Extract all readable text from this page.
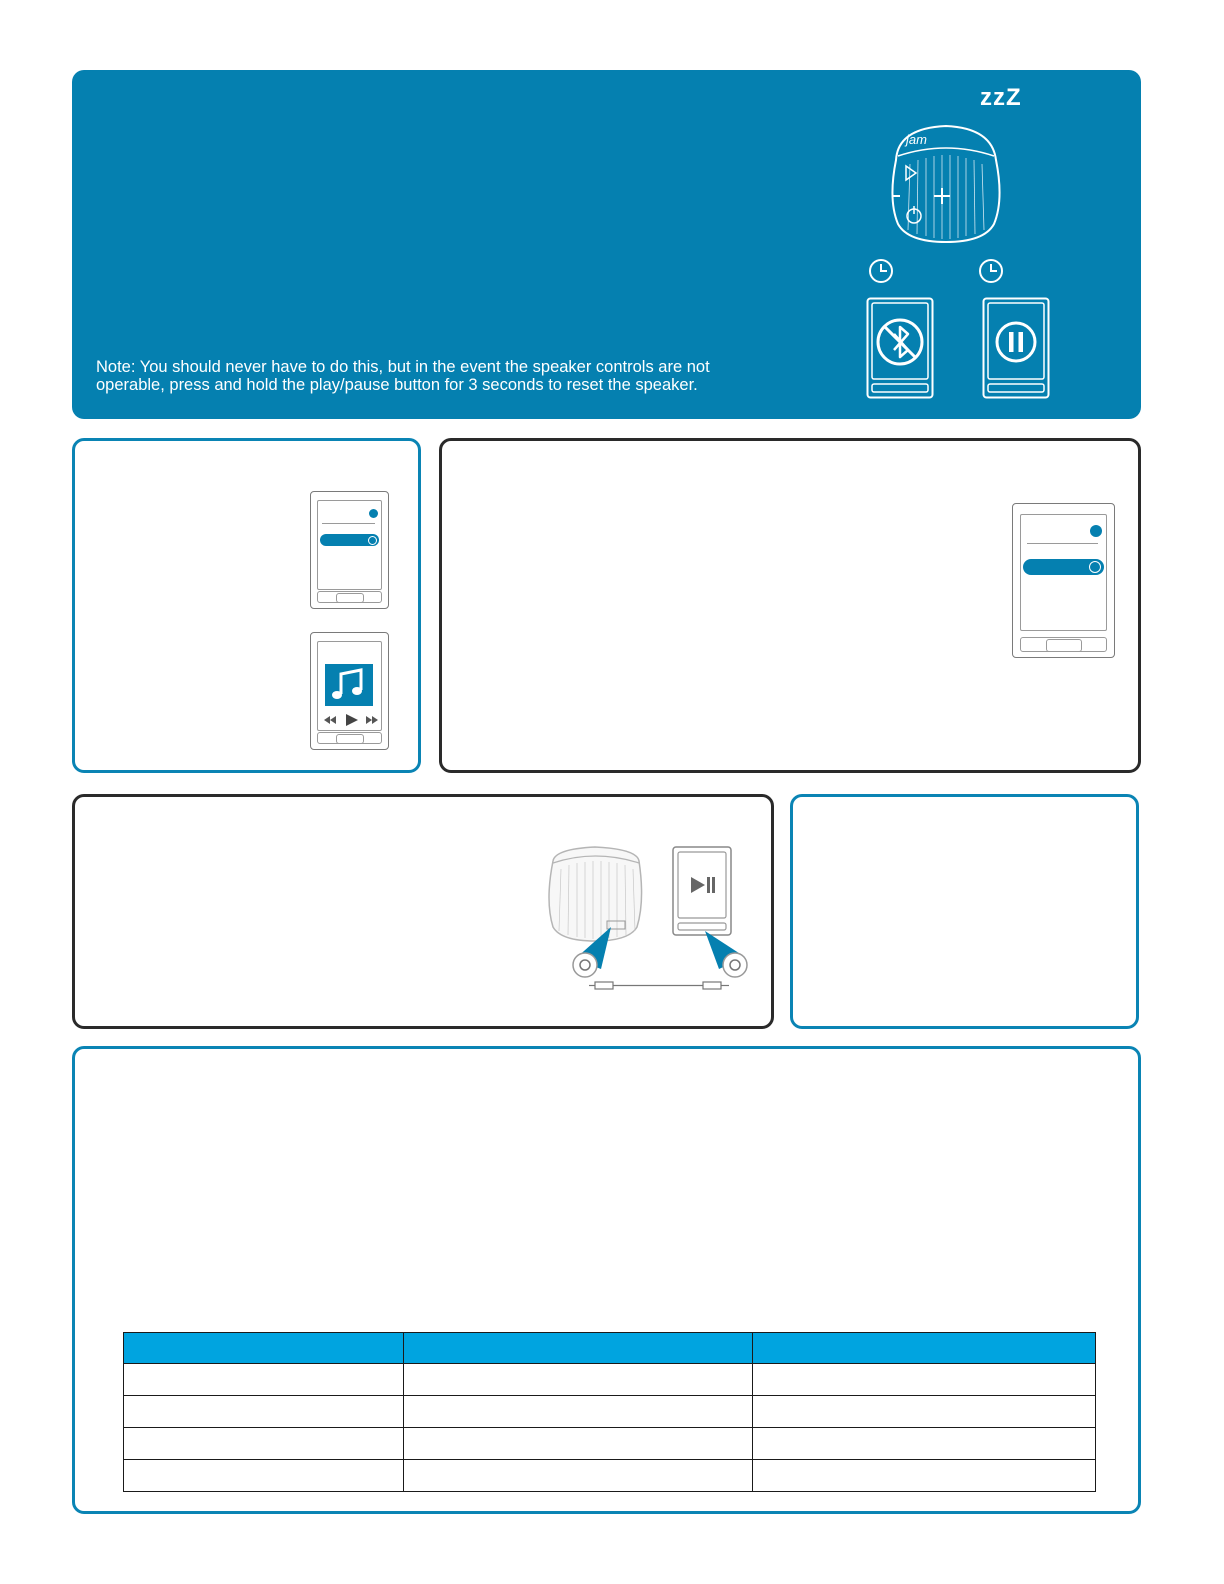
Note: You should never have to do this, but in the event the speaker controls are not
operable, press and hold the play/pause button for 3 seconds to reset the speaker.
zzZ
jam
